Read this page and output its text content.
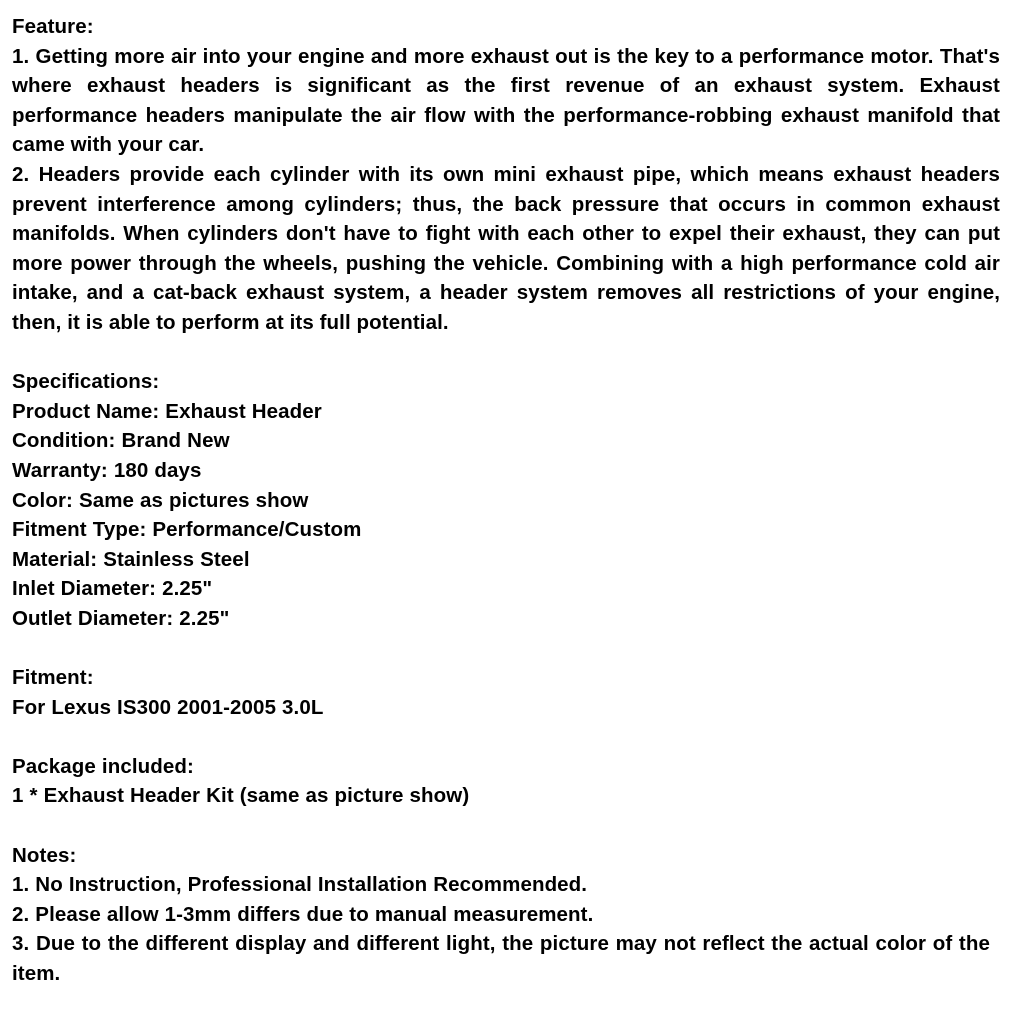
Feature:

1. Getting more air into your engine and more exhaust out is the key to a performance motor. That's where exhaust headers is significant as the first revenue of an exhaust system. Exhaust performance headers manipulate the air flow with the performance-robbing exhaust manifold that came with your car.

2. Headers provide each cylinder with its own mini exhaust pipe, which means exhaust headers prevent interference among cylinders; thus, the back pressure that occurs in common exhaust manifolds. When cylinders don't have to fight with each other to expel their exhaust, they can put more power through the wheels, pushing the vehicle. Combining with a high performance cold air intake, and a cat-back exhaust system, a header system removes all restrictions of your engine, then, it is able to perform at its full potential.

Specifications:
Product Name: Exhaust Header
Condition: Brand New
Warranty: 180 days
Color: Same as pictures show
Fitment Type: Performance/Custom
Material: Stainless Steel
Inlet Diameter: 2.25"
Outlet Diameter: 2.25"
Fitment:
For Lexus IS300 2001-2005 3.0L
Package included:
1 * Exhaust Header Kit (same as picture show)
Notes:
1. No Instruction, Professional Installation Recommended.
2. Please allow 1-3mm differs due to manual measurement.

3. Due to the different display and different light, the picture may not reflect the actual color of the item.
